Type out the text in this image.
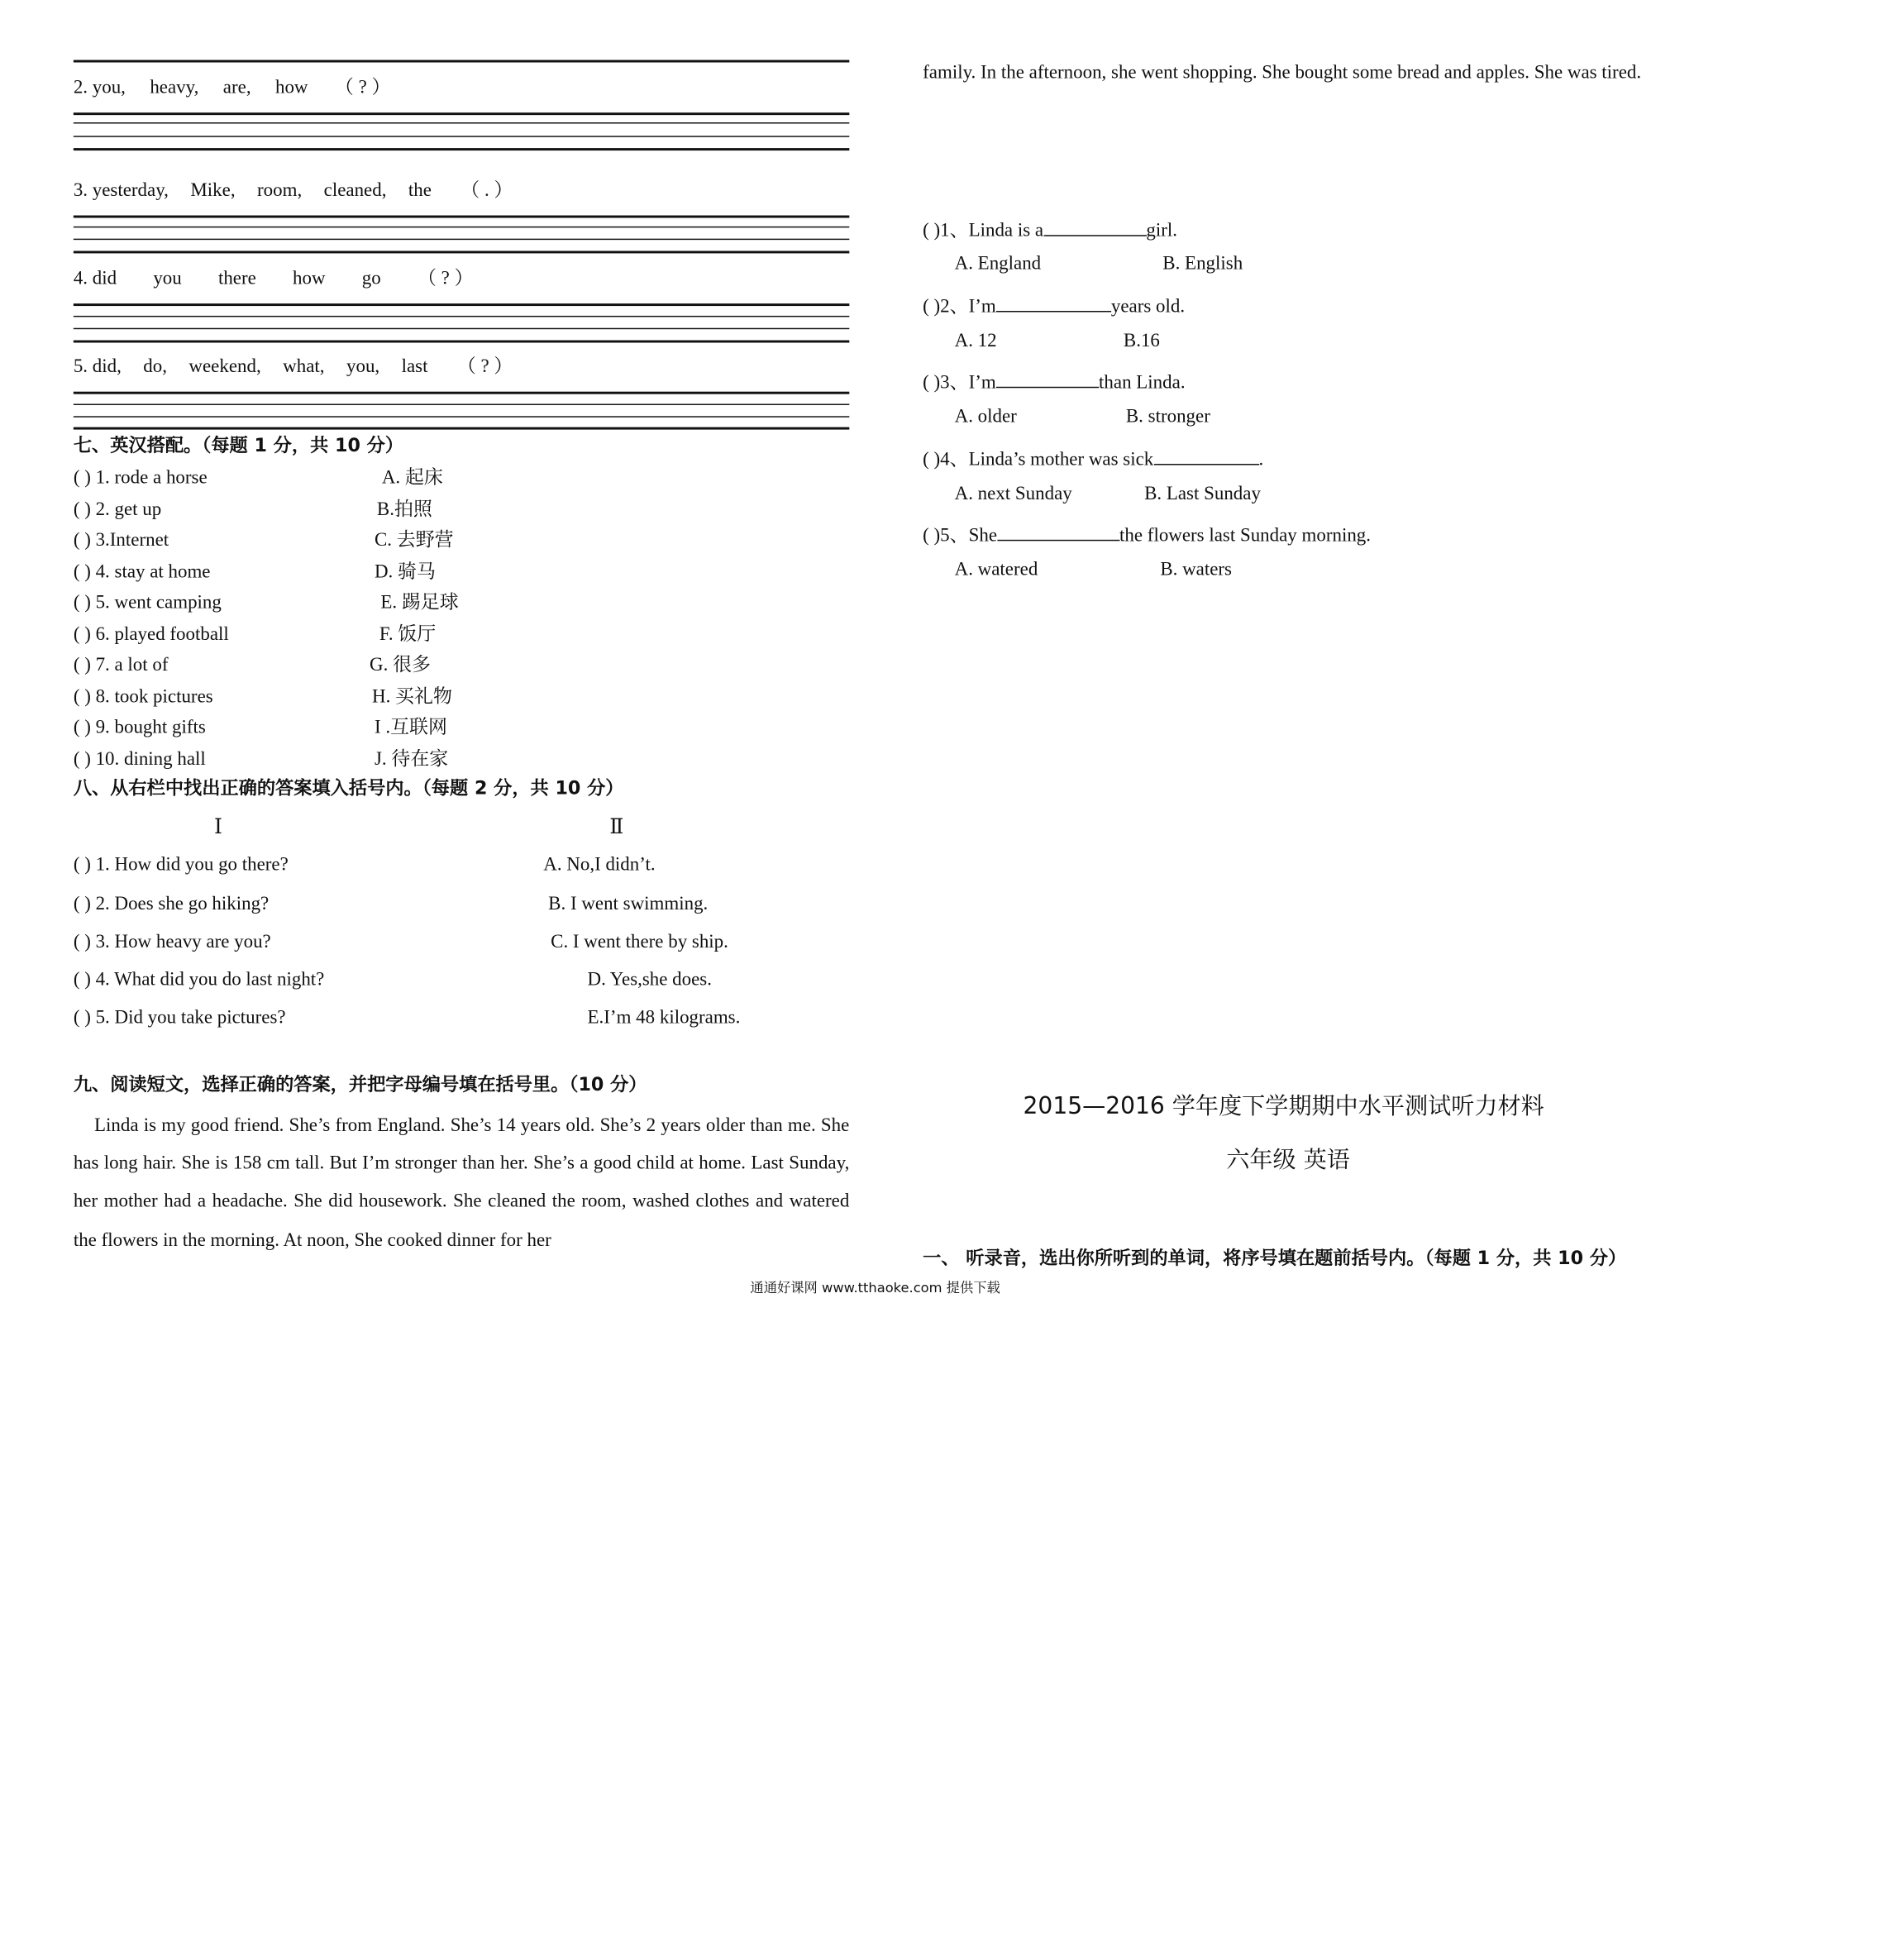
2. you, heavy, are, how （ ? ）
3. yesterday, Mike, room, cleaned, the （ . ）
4. did	you	there	how	go	（ ? ）
5. did, do, weekend, what, you, last （ ? ）
七、英汉搭配。（每题 1 分，共 10 分）
( ) 1. rode a horse	A. 起床
( ) 2. get up	B.拍照
( ) 3.Internet	C. 去野营
( ) 4. stay at home	D. 骑马
( ) 5. went camping	E. 踢足球
( ) 6. played football	F. 饭厅
( ) 7. a lot of	G. 很多
( ) 8. took pictures	H. 买礼物
( ) 9. bought gifts	I .互联网
( ) 10. dining hall	J. 待在家
八、从右栏中找出正确的答案填入括号内。（每题 2 分，共 10 分）
Ⅰ	Ⅱ
( ) 1. How did you go there?	A. No,I didn’t.
( ) 2. Does she go hiking?	B. I went swimming.
( ) 3. How heavy are you?	C. I went there by ship.
( ) 4. What did you do last night?	D. Yes,she does.
( ) 5. Did you take pictures?	E.I’m 48 kilograms.
九、阅读短文，选择正确的答案，并把字母编号填在括号里。（10 分）
Linda is my good friend. She’s from England. She’s 14 years old. She’s 2 years older than me. She has long hair. She is 158 cm tall. But I’m stronger than her. She’s a good child at home. Last Sunday, her mother had a headache. She did housework. She cleaned the room, washed clothes and watered the flowers in the morning. At noon, She cooked dinner for her
family. In the afternoon, she went shopping. She bought some bread and apples. She was tired.
( )1、Linda is a	girl.
A. England	B. English
( )2、I’m	years old.
A. 12	B.16
( )3、I’m	than Linda.
A. older	B. stronger
( )4、Linda’s mother was sick	.
A. next Sunday	B. Last Sunday
( )5、She	the flowers last Sunday morning.
A. watered	B. waters
2015—2016 学年度下学期期中水平测试听力材料
六年级 英语
一、 听录音，选出你所听到的单词，将序号填在题前括号内。（每题 1 分，共 10 分）
通通好课网 www.tthaoke.com 提供下载
